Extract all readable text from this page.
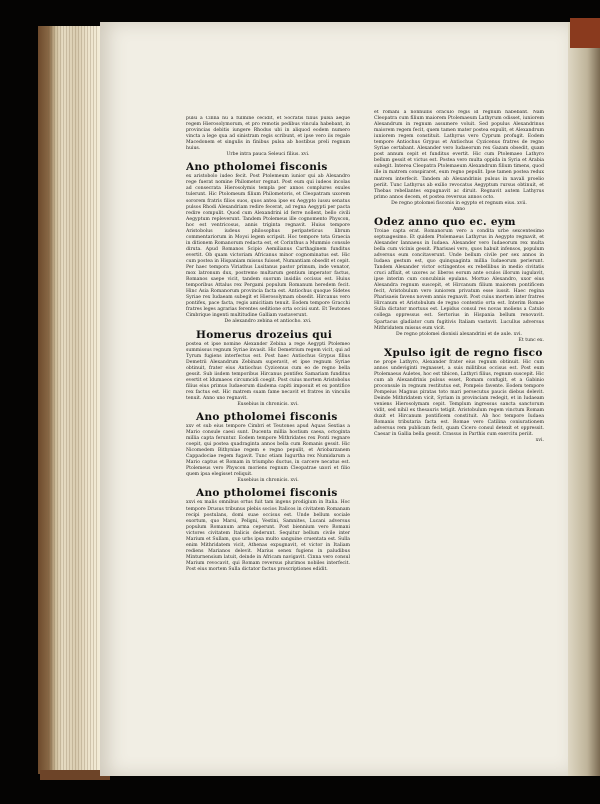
pulsi a Cinna nu a fulmine cecidit, et Socratis filius pulsa aeque regem Hierosolymorum, et pro remotis pedibus vincula habebant, in provincias debitis iungere Rhodus ubi in aliquod eodem numero vincta a lege qua ad sinistram regis scribunt, et ipse vero iis regale Macedonem et singulis in finibus pulsa ab hostibus preli regnum huius.

Urbe intra pauca Seleuci filius. xvi.

Ano ptholomei fisconis

ex aristobolo iudeo fecit. Post Ptolemeum iunior qui ab Alexandro rege fuerat nomine Philometor regnat. Post eum qui iudeos incolas ad consecrata Hierosolymis templa per annos complures exules tulerunt. Hic Ptolomeum filium Philometoris, et Cleopatram uxorem sororem fratris filios suos, quos antea ipse ex Aegypto iussu senatus pulsos Rhodi Alexandriam redire fecerat, ad regna Aegypti per pacta redire compulit. Quod cum Alexandrini id ferre nollent, bello civili Aegyptum repleverunt. Tandem Ptolemeus ille cognomento Physcon, hoc est ventricosus, annis triginta regnavit. Huius tempore Aristobolus iudeus philosophus peripateticus librum commentariorum in Moysi legem scripsit. Hoc tempore tota Graecia in ditionem Romanorum redacta est, et Corinthus a Mummio consule diruta. Apud Romanos Scipio Aemilianus Carthaginem funditus evertit. Ob quam victoriam Africanus minor cognominatus est. Hic cum postea in Hispaniam missus fuisset, Numantiam obsedit et cepit. Per haec tempora Viriathus Lusitanus pastor primum, inde venator, mox latronum dux, postremo multarum gentium imperator factus, Romanos saepe vicit, tandem suorum insidiis occisus est. Huius temporibus Attalus rex Pergami populum Romanum heredem fecit. Hinc Asia Romanorum provincia facta est. Antiochus quoque Sidetes Syriae rex Iudaeam subegit et Hierosolymam obsedit. Hircanus vero pontifex, pace facta, regis amicitiam tenuit. Eodem tempore Gracchi fratres leges agrarias ferentes seditione orta occisi sunt. Et Teutones Cimbrique ingenti multitudine Galliam vastaverunt.

De alexandro zebina et antiocho. xvi.

Homerus drozeius qui

postea et ipse nomine Alexander Zebina a rege Aegypti Ptolemeo summissus regnum Syriae invasit. Hic Demetrium regem vicit, qui ad Tyrum fugiens interfectus est. Post haec Antiochus Grypus filius Demetrii Alexandrum Zebinam superavit, et ipse regnum Syriae obtinuit, frater eius Antiochus Cyzicenus cum eo de regno bella gessit. Sub iisdem temporibus Hircanus pontifex Samariam funditus evertit et Idumaeos circumcidi coegit. Post cuius mortem Aristobolus filius eius primus Iudaeorum diadema capiti imposuit et ex pontifice rex factus est. Hic matrem suam fame necavit et fratres in vinculis tenuit. Anno uno regnavit.

Eusebius in chronicis. xvi.

Ano ptholomei fisconis

xxv et sub eius tempore Cimbri et Teutones apud Aquas Sextias a Mario consule caesi sunt. Ducenta millia hostium caesa, octoginta millia capta feruntur. Eodem tempore Mithridates rex Ponti regnare coepit, qui postea quadraginta annos bella cum Romanis gessit. Hic Nicomedem Bithyniae regem e regno pepulit, et Ariobarzanem Cappadociae regem fugavit. Tunc etiam Iugurtha rex Numidarum a Mario captus et Romam in triumpho ductus, in carcere necatus est. Ptolemeus vero Physcon moriens regnum Cleopatrae uxori et filio quem ipsa elegisset reliquit.

Eusebius in chronicis. xvi.

Ano ptholomei fisconis

xxvi ex malis omnibus ortus fuit tam ingens prodigium in Italia. Hoc tempore Drusus tribunus plebis socios Italicos in civitatem Romanam recipi postulans, domi suae occisus est. Unde bellum sociale exortum, quo Marsi, Peligni, Vestini, Samnites, Lucani adversus populum Romanum arma ceperunt. Post biennium vero Romani victores civitatem Italicis dederunt. Sequitur bellum civile inter Marium et Sullam, quo urbs ipsa multo sanguine cruentata est. Sulla enim Mithridatem vicit, Athenas expugnavit, et victor in Italiam rediens Marianos delevit. Marius senex fugiens in paludibus Minturnensium latuit, deinde in Africam navigavit. Cinna vero consul Marium revocavit, qui Romam reversus plurimos nobiles interfecit. Post eius mortem Sulla dictator factus proscriptiones edidit.

et romani a nonnullis oraculo regis id regnum habebant. Nam Cleopatra cum filium maiorem Ptolemaeum Lathyrum odisset, iuniorem Alexandrum in regnum assumere voluit. Sed populus Alexandrinus maiorem regem fecit, quem tamen mater postea expulit, et Alexandrum iuniorem regem constituit. Lathyrus vero Cyprum profugit. Eodem tempore Antiochus Grypus et Antiochus Cyzicenus fratres de regno Syriae certabant. Alexander vero Iudaeorum rex Gazam obsedit, quam post annum cepit et funditus evertit. Hic cum Ptolemaeo Lathyro bellum gessit et victus est. Postea vero multa oppida in Syria et Arabia subegit. Interea Cleopatra Ptolemaeum Alexandrum filium timens, quod ille in matrem conspiraret, eum regno pepulit. Ipse tamen postea redux matrem interfecit. Tandem ab Alexandrinis pulsus in navali proelio periit. Tunc Lathyrus ab exilio revocatus Aegyptum rursus obtinuit, et Thebas rebellantes expugnavit ac diruit. Regnavit autem Lathyrus primo annos decem, et postea reversus annos octo.

De regno ptolomei fisconis in egypto et regnum eius. xvii.

Anno

Odez anno quo ec. eym

Troiae capta erat. Romanorum vero a condita urbe sexcentesimo septuagesimo. Et quidem Ptolemaeus Lathyrus in Aegypto regnavit, et Alexander Iannaeus in Iudaea. Alexander vero Iudaeorum rex multa bella cum vicinis gessit. Pharisaei vero, quos habuit infensos, populum adversus eum concitaverunt. Unde bellum civile per sex annos in Iudaea gestum est, quo quinquaginta millia Iudaeorum perierunt. Tandem Alexander victor octingentos ex rebellibus in medio civitatis cruci affixit, et uxores ac liberos eorum ante oculos illorum iugulavit, ipse interim cum concubinis epulans. Mortuo Alexandro, uxor eius Alexandra regnum suscepit, et Hircanum filium maiorem pontificem fecit, Aristobulum vero iuniorem privatum esse iussit. Haec regina Pharisaeis favens novem annis regnavit. Post cuius mortem inter fratres Hircanum et Aristobulum de regno contentio orta est. Interim Romae Sulla dictator mortuus est. Lepidus consul res novas moliens a Catulo collega oppressus est. Sertorius in Hispania bellum renovavit. Spartacus gladiator cum fugitivis Italiam vastavit. Lucullus adversus Mithridatem missus eum vicit.

De regno ptolomei dionisii alexandrini et de aule. xvi.

Et tunc ex.

Xpulso igit de regno fisco

ne prope Lathyro, Alexander frater eius regnum obtinuit. Hic cum annos undeviginti regnasset, a suis militibus occisus est. Post eum Ptolemaeus Auletes, hoc est tibicen, Lathyri filius, regnum suscepit. Hic cum ab Alexandrinis pulsus esset, Romam confugit, et a Gabinio proconsule in regnum restitutus est, Pompeio favente. Eodem tempore Pompeius Magnus piratas toto mari persecutus paucis diebus delevit. Deinde Mithridatem vicit, Syriam in provinciam redegit, et in Iudaeam veniens Hierosolymam cepit. Templum ingressus sancta sanctorum vidit, sed nihil ex thesauris tetigit. Aristobulum regem vinctum Romam duxit et Hircanum pontificem constituit. Ab hoc tempore Iudaea Romanis tributaria facta est. Romae vero Catilina coniurationem adversus rem publicam fecit, quam Cicero consul detexit et oppressit. Caesar in Gallia bella gessit. Crassus in Parthis cum exercitu periit.

xvi.
